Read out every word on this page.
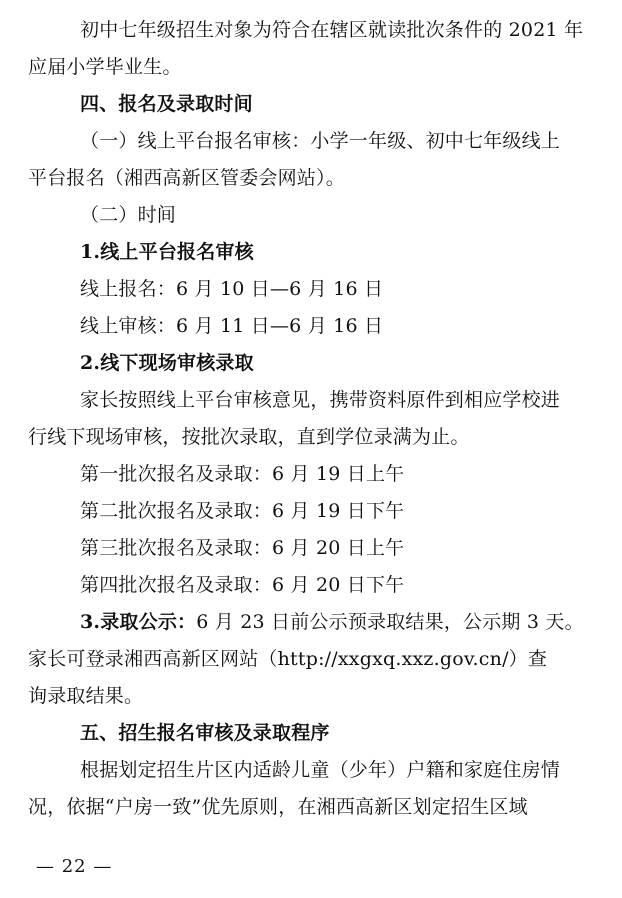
初中七年级招生对象为符合在辖区就读批次条件的 2021 年
应届小学毕业生。
四、报名及录取时间
（一）线上平台报名审核：小学一年级、初中七年级线上
平台报名（湘西高新区管委会网站）。
（二）时间
1.线上平台报名审核
线上报名：6 月 10 日—6 月 16 日
线上审核：6 月 11 日—6 月 16 日
2.线下现场审核录取
家长按照线上平台审核意见，携带资料原件到相应学校进
行线下现场审核，按批次录取，直到学位录满为止。
第一批次报名及录取：6 月 19 日上午
第二批次报名及录取：6 月 19 日下午
第三批次报名及录取：6 月 20 日上午
第四批次报名及录取：6 月 20 日下午
3.录取公示：6 月 23 日前公示预录取结果，公示期 3 天。
家长可登录湘西高新区网站（http://xxgxq.xxz.gov.cn/）查
询录取结果。
五、招生报名审核及录取程序
根据划定招生片区内适龄儿童（少年）户籍和家庭住房情
况，依据“户房一致”优先原则，在湘西高新区划定招生区域
— 22 —
